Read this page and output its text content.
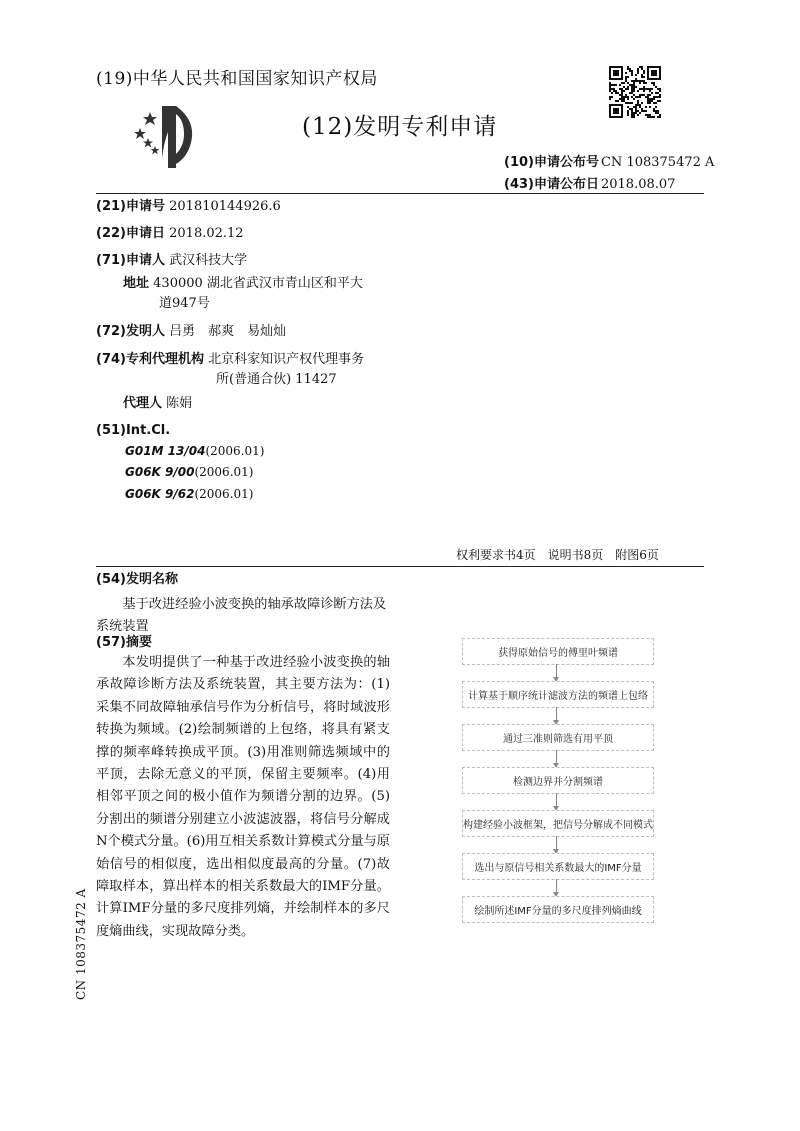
(19)中华人民共和国国家知识产权局
(12)发明专利申请
(10)申请公布号 CN 108375472 A
(43)申请公布日 2018.08.07
(21)申请号 201810144926.6
(22)申请日 2018.02.12
(71)申请人 武汉科技大学
地址 430000 湖北省武汉市青山区和平大
道947号
(72)发明人 吕勇　郝爽　易灿灿
(74)专利代理机构 北京科家知识产权代理事务
所(普通合伙) 11427
代理人 陈娟
(51)Int.Cl.
G01M 13/04(2006.01)
G06K 9/00(2006.01)
G06K 9/62(2006.01)
权利要求书4页　说明书8页　附图6页
(54)发明名称
基于改进经验小波变换的轴承故障诊断方法及系统装置
(57)摘要
本发明提供了一种基于改进经验小波变换的轴承故障诊断方法及系统装置，其主要方法为：(1)采集不同故障轴承信号作为分析信号，将时域波形转换为频域。(2)绘制频谱的上包络，将具有紧支撑的频率峰转换成平顶。(3)用准则筛选频域中的平顶，去除无意义的平顶，保留主要频率。(4)用相邻平顶之间的极小值作为频谱分割的边界。(5)分割出的频谱分别建立小波滤波器，将信号分解成N个模式分量。(6)用互相关系数计算模式分量与原始信号的相似度，选出相似度最高的分量。(7)故障取样本，算出样本的相关系数最大的IMF分量。计算IMF分量的多尺度排列熵，并绘制样本的多尺度熵曲线，实现故障分类。
获得原始信号的傅里叶频谱
计算基于顺序统计滤波方法的频谱上包络
通过三准则筛选有用平顶
检测边界并分割频谱
构建经验小波框架，把信号分解成不同模式
选出与原信号相关系数最大的IMF分量
绘制所述IMF分量的多尺度排列熵曲线
CN 108375472 A
